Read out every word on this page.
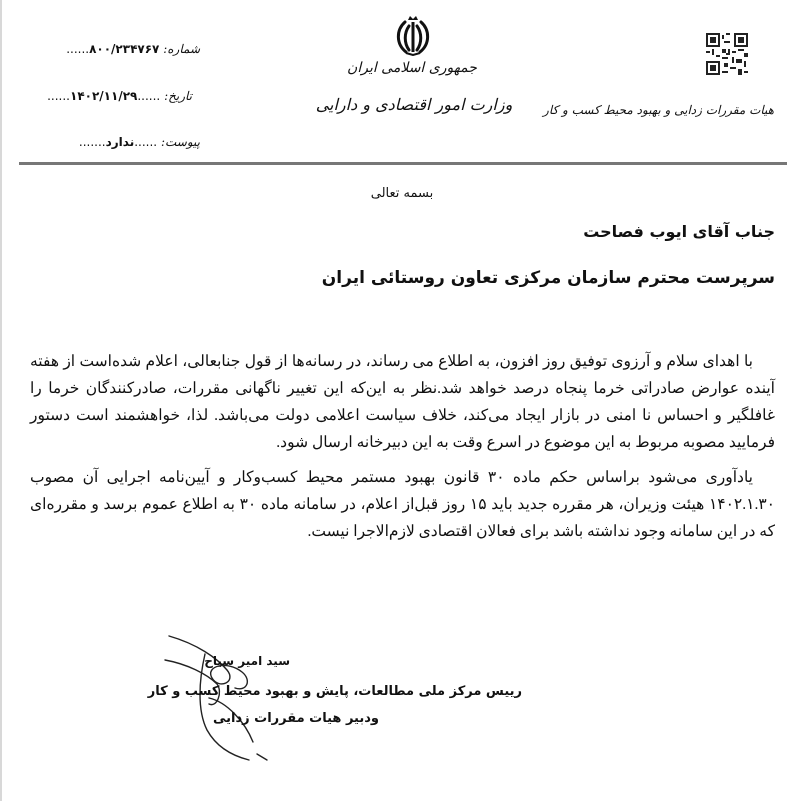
شماره: ۸۰۰/۲۳۴۷۶۷......
تاریخ: ......۱۴۰۲/۱۱/۲۹......
پیوست: ......ندارد.......
جمهوری اسلامی ایران
وزارت امور اقتصادی و دارایی	هیات مقررات زدایی و بهبود محیط کسب و کار
بسمه تعالی
جناب آقای ایوب فصاحت
سرپرست محترم سازمان مرکزی تعاون روستائی ایران

با اهدای سلام و آرزوی توفیق روز افزون، به اطلاع می رساند، در رسانه‌ها از قول جنابعالی، اعلام شده‌است از هفته آینده عوارض صادراتی خرما پنجاه درصد خواهد شد.نظر به این‌که این تغییر ناگهانی مقررات، صادرکنندگان خرما را غافلگیر و احساس نا امنی در بازار ایجاد می‌کند، خلاف سیاست اعلامی دولت می‌باشد. لذا، خواهشمند است دستور فرمایید مصوبه مربوط به این موضوع در اسرع وقت به این دبیرخانه ارسال شود.

یادآوری می‌شود براساس حکم ماده ۳۰ قانون بهبود مستمر محیط کسب‌وکار و آیین‌نامه اجرایی آن مصوب ۱۴۰۲.۱.۳۰ هیئت وزیران، هر مقرره جدید باید ۱۵ روز قبل‌از اعلام، در سامانه ماده ۳۰ به اطلاع عموم برسد و مقرره‌ای که در این سامانه وجود نداشته باشد برای فعالان اقتصادی لازم‌الاجرا نیست.

سید امیر سیاح
رییس مرکز ملی مطالعات، پایش و بهبود محیط کسب و کار
ودبیر هیات مقررات زدایی
